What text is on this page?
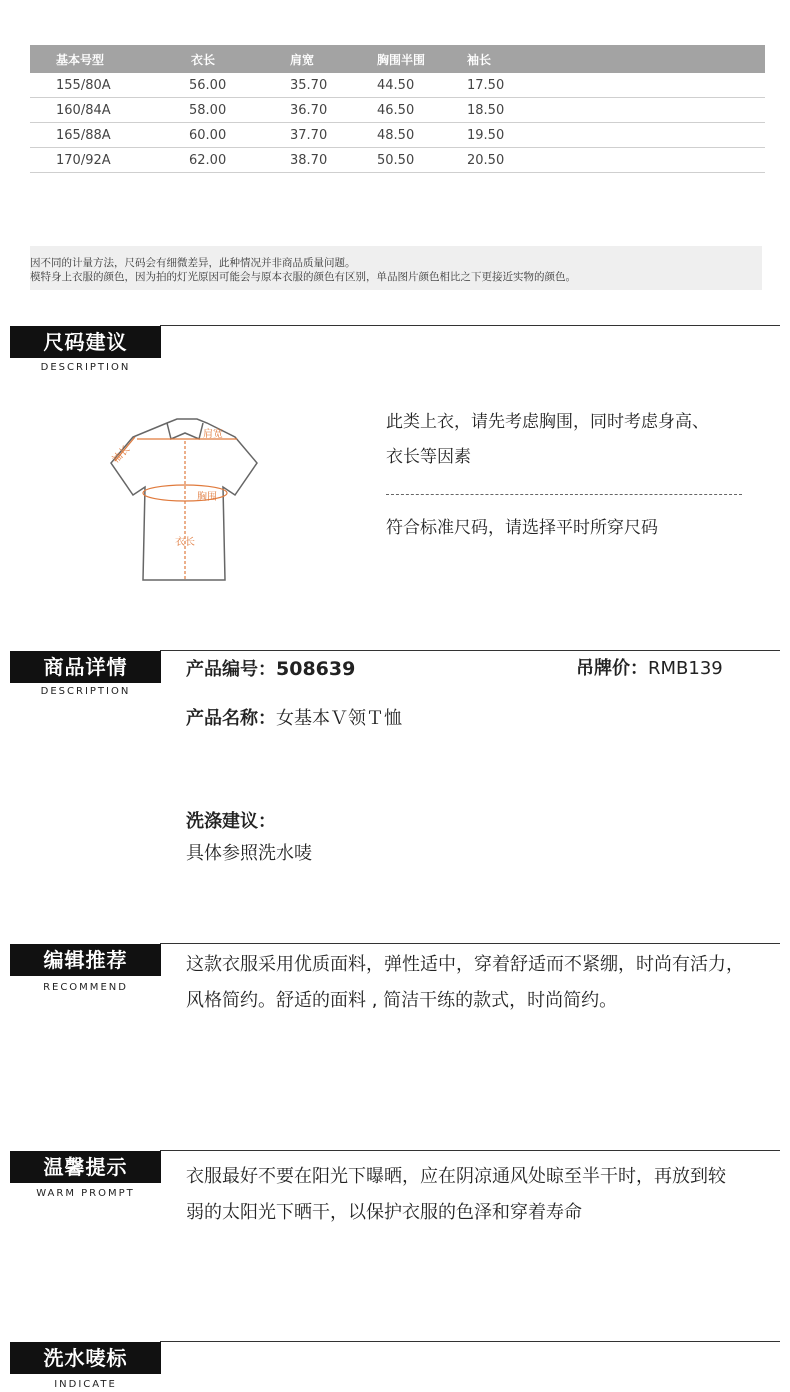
基本号型	衣长	肩宽	胸围半围	袖长
155/80A	56.00	35.70	44.50	17.50
160/84A	58.00	36.70	46.50	18.50
165/88A	60.00	37.70	48.50	19.50
170/92A	62.00	38.70	50.50	20.50
因不同的计量方法，尺码会有细微差异，此种情况并非商品质量问题。
模特身上衣服的颜色，因为拍的灯光原因可能会与原本衣服的颜色有区别，单品图片颜色相比之下更接近实物的颜色。
尺码建议
DESCRIPTION
肩宽
袖长
胸围
衣长
此类上衣，请先考虑胸围，同时考虑身高、
衣长等因素
符合标准尺码，请选择平时所穿尺码
商品详情
DESCRIPTION
产品编号：508639	吊牌价：RMB139
产品名称：女基本Ｖ领Ｔ恤
洗涤建议：
具体参照洗水唛
编辑推荐
RECOMMEND
这款衣服采用优质面料，弹性适中，穿着舒适而不紧绷，时尚有活力，
风格简约。舒适的面料 , 简洁干练的款式，时尚简约。
温馨提示
WARM PROMPT
衣服最好不要在阳光下曝晒，应在阴凉通风处晾至半干时，再放到较
弱的太阳光下晒干，以保护衣服的色泽和穿着寿命
洗水唛标
INDICATE
